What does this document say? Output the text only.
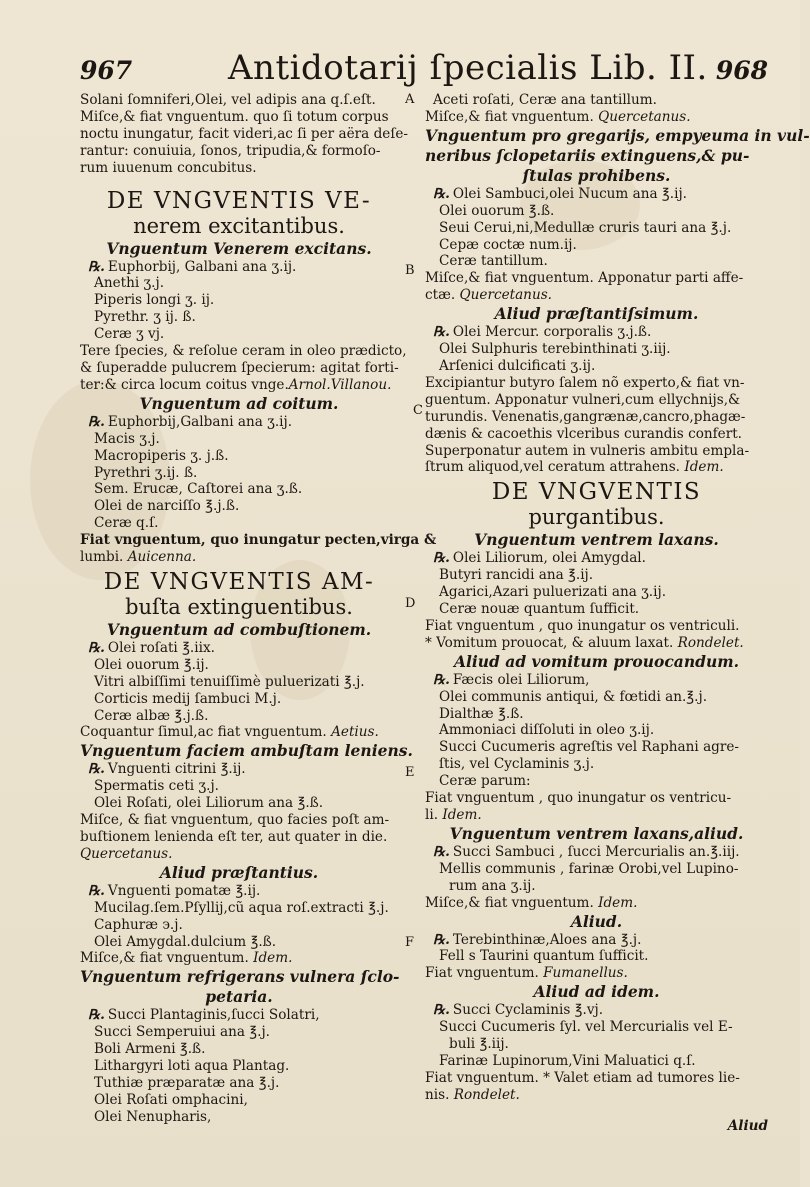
967	Antidotarij ſpecialis Lib. II. 968
A
B
C
D
E
F
Solani ſomniferi,Olei, vel adipis ana q.ſ.eſt.
Miſce,& fiat vnguentum. quo ſi totum corpus
noctu inungatur, facit videri,ac ſi per aëra deſe-
rantur: conuiuia, ſonos, tripudia,& formoſo-
rum iuuenum concubitus.
DE VNGVENTIS VE-
nerem excitantibus.
Vnguentum Venerem excitans.
℞. Euphorbij, Galbani ana ʒ.ij.
Anethi ʒ.j.
Piperis longi ʒ. ij.
Pyrethr. ʒ ij. ß.
Ceræ ʒ vj.
Tere ſpecies, & reſolue ceram in oleo prædicto,
& ſuperadde pulucrem ſpecierum: agitat forti-
ter:& circa locum coitus vnge.Arnol.Villanou.
Vnguentum ad coitum.
℞. Euphorbij,Galbani ana ʒ.ij.
Macis ʒ.j.
Macropiperis ʒ. j.ß.
Pyrethri ʒ.ij. ß.
Sem. Erucæ, Caſtorei ana ʒ.ß.
Olei de narciſſo ℥.j.ß.
Ceræ q.ſ.
Fiat vnguentum, quo inungatur pecten,virga &
lumbi. Auicenna.
DE VNGVENTIS AM-
buſta extinguentibus.
Vnguentum ad combuſtionem.
℞. Olei roſati ℥.iix.
Olei ouorum ℥.ij.
Vitri albiſſimi tenuiſſimè puluerizati ℥.j.
Corticis medij ſambuci M.j.
Ceræ albæ ℥.j.ß.
Coquantur ſimul,ac fiat vnguentum. Aetius.
Vnguentum faciem ambuſtam leniens.
℞. Vnguenti citrini ℥.ij.
Spermatis ceti ʒ.j.
Olei Roſati, olei Liliorum ana ℥.ß.
Miſce, & fiat vnguentum, quo facies poſt am-
buſtionem lenienda eſt ter, aut quater in die.
Quercetanus.
Aliud præſtantius.
℞. Vnguenti pomatæ ℥.ij.
Mucilag.ſem.Pſyllij,cũ aqua roſ.extracti ℥.j.
Caphuræ ϶.j.
Olei Amygdal.dulcium ℥.ß.
Miſce,& fiat vnguentum. Idem.
Vnguentum refrigerans vulnera ſclo-
petaria.
℞. Succi Plantaginis,ſucci Solatri,
Succi Semperuiui ana ℥.j.
Boli Armeni ℥.ß.
Lithargyri loti aqua Plantag.
Tuthiæ præparatæ ana ℥.j.
Olei Roſati omphacini,
Olei Nenupharis,
Aceti roſati, Ceræ ana tantillum.
Miſce,& fiat vnguentum. Quercetanus.
Vnguentum pro gregarijs, empyeuma in vul-
neribus ſclopetariis extinguens,& pu-
ſtulas prohibens.
℞. Olei Sambuci,olei Nucum ana ℥.ij.
Olei ouorum ℥.ß.
Seui Cerui,ni,Medullæ cruris tauri ana ℥.j.
Cepæ coctæ num.ij.
Ceræ tantillum.
Miſce,& fiat vnguentum. Apponatur parti affe-
ctæ. Quercetanus.
Aliud præſtantiſsimum.
℞. Olei Mercur. corporalis ʒ.j.ß.
Olei Sulphuris terebinthinati ʒ.iij.
Arſenici dulcificati ʒ.ij.
Excipiantur butyro ſalem nõ experto,& fiat vn-
guentum. Apponatur vulneri,cum ellychnijs,&
turundis. Venenatis,gangrænæ,cancro,phagæ-
dænis & cacoethis vlceribus curandis confert.
Superponatur autem in vulneris ambitu empla-
ſtrum aliquod,vel ceratum attrahens. Idem.
DE VNGVENTIS
purgantibus.
Vnguentum ventrem laxans.
℞. Olei Liliorum, olei Amygdal.
Butyri rancidi ana ℥.ij.
Agarici,Azari puluerizati ana ʒ.ij.
Ceræ nouæ quantum ſufficit.
Fiat vnguentum , quo inungatur os ventriculi.
* Vomitum prouocat, & aluum laxat. Rondelet.
Aliud ad vomitum prouocandum.
℞. Fæcis olei Liliorum,
Olei communis antiqui, & fœtidi an.℥.j.
Dialthæ ℥.ß.
Ammoniaci diſſoluti in oleo ʒ.ij.
Succi Cucumeris agreſtis vel Raphani agre-
ſtis, vel Cyclaminis ʒ.j.
Ceræ parum:
Fiat vnguentum , quo inungatur os ventricu-
li. Idem.
Vnguentum ventrem laxans,aliud.
℞. Succi Sambuci , ſucci Mercurialis an.℥.iij.
Mellis communis , farinæ Orobi,vel Lupino-
rum ana ʒ.ij.
Miſce,& fiat vnguentum. Idem.
Aliud.
℞. Terebinthinæ,Aloes ana ℥.j.
Fell s Taurini quantum ſufficit.
Fiat vnguentum. Fumanellus.
Aliud ad idem.
℞. Succi Cyclaminis ℥.vj.
Succi Cucumeris ſyl. vel Mercurialis vel E-
buli ℥.iij.
Farinæ Lupinorum,Vini Maluatici q.ſ.
Fiat vnguentum. * Valet etiam ad tumores lie-
nis. Rondelet.
Aliud
